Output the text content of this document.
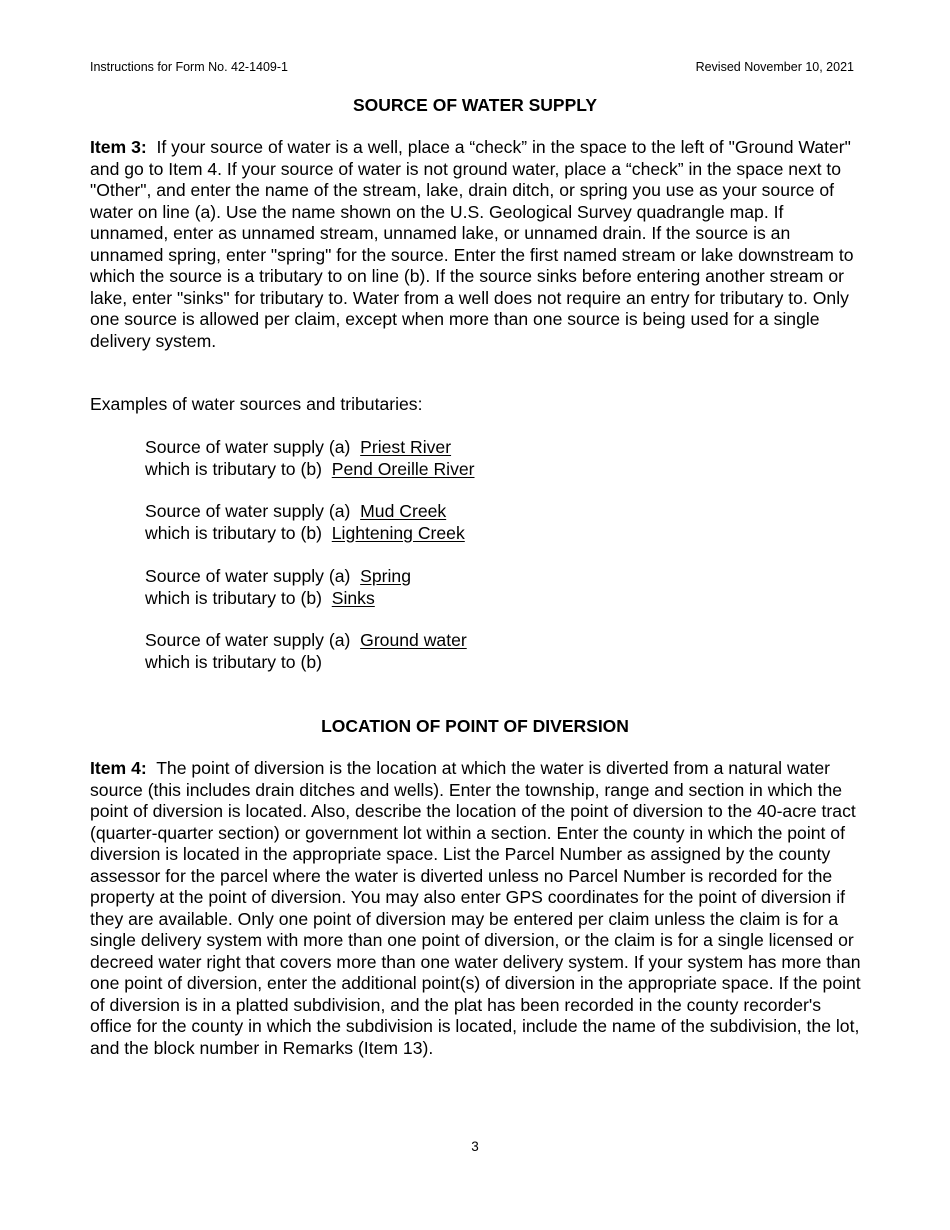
Instructions for Form No. 42-1409-1	Revised November 10, 2021
SOURCE OF WATER SUPPLY
Item 3: If your source of water is a well, place a “check” in the space to the left of "Ground Water" and go to Item 4. If your source of water is not ground water, place a “check” in the space next to "Other", and enter the name of the stream, lake, drain ditch, or spring you use as your source of water on line (a). Use the name shown on the U.S. Geological Survey quadrangle map. If unnamed, enter as unnamed stream, unnamed lake, or unnamed drain. If the source is an unnamed spring, enter "spring" for the source. Enter the first named stream or lake downstream to which the source is a tributary to on line (b). If the source sinks before entering another stream or lake, enter "sinks" for tributary to. Water from a well does not require an entry for tributary to. Only one source is allowed per claim, except when more than one source is being used for a single delivery system.
Examples of water sources and tributaries:
Source of water supply (a) Priest River
which is tributary to (b) Pend Oreille River
Source of water supply (a) Mud Creek
which is tributary to (b) Lightening Creek
Source of water supply (a) Spring
which is tributary to (b) Sinks
Source of water supply (a) Ground water
which is tributary to (b)
LOCATION OF POINT OF DIVERSION
Item 4: The point of diversion is the location at which the water is diverted from a natural water source (this includes drain ditches and wells). Enter the township, range and section in which the point of diversion is located. Also, describe the location of the point of diversion to the 40-acre tract (quarter-quarter section) or government lot within a section. Enter the county in which the point of diversion is located in the appropriate space. List the Parcel Number as assigned by the county assessor for the parcel where the water is diverted unless no Parcel Number is recorded for the property at the point of diversion. You may also enter GPS coordinates for the point of diversion if they are available. Only one point of diversion may be entered per claim unless the claim is for a single delivery system with more than one point of diversion, or the claim is for a single licensed or decreed water right that covers more than one water delivery system. If your system has more than one point of diversion, enter the additional point(s) of diversion in the appropriate space. If the point of diversion is in a platted subdivision, and the plat has been recorded in the county recorder's office for the county in which the subdivision is located, include the name of the subdivision, the lot, and the block number in Remarks (Item 13).
3
